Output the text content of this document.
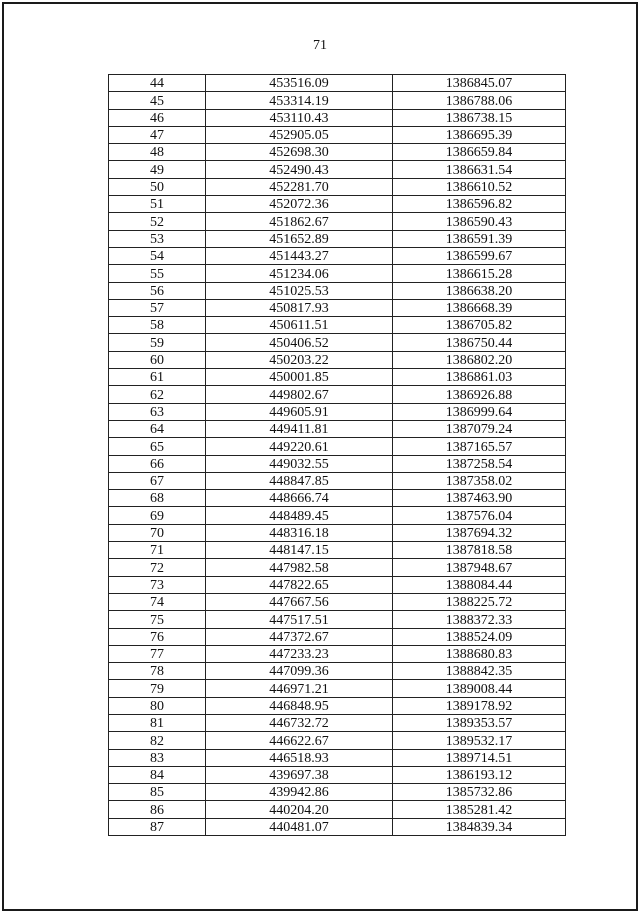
71
44	453516.09	1386845.07
45	453314.19	1386788.06
46	453110.43	1386738.15
47	452905.05	1386695.39
48	452698.30	1386659.84
49	452490.43	1386631.54
50	452281.70	1386610.52
51	452072.36	1386596.82
52	451862.67	1386590.43
53	451652.89	1386591.39
54	451443.27	1386599.67
55	451234.06	1386615.28
56	451025.53	1386638.20
57	450817.93	1386668.39
58	450611.51	1386705.82
59	450406.52	1386750.44
60	450203.22	1386802.20
61	450001.85	1386861.03
62	449802.67	1386926.88
63	449605.91	1386999.64
64	449411.81	1387079.24
65	449220.61	1387165.57
66	449032.55	1387258.54
67	448847.85	1387358.02
68	448666.74	1387463.90
69	448489.45	1387576.04
70	448316.18	1387694.32
71	448147.15	1387818.58
72	447982.58	1387948.67
73	447822.65	1388084.44
74	447667.56	1388225.72
75	447517.51	1388372.33
76	447372.67	1388524.09
77	447233.23	1388680.83
78	447099.36	1388842.35
79	446971.21	1389008.44
80	446848.95	1389178.92
81	446732.72	1389353.57
82	446622.67	1389532.17
83	446518.93	1389714.51
84	439697.38	1386193.12
85	439942.86	1385732.86
86	440204.20	1385281.42
87	440481.07	1384839.34
